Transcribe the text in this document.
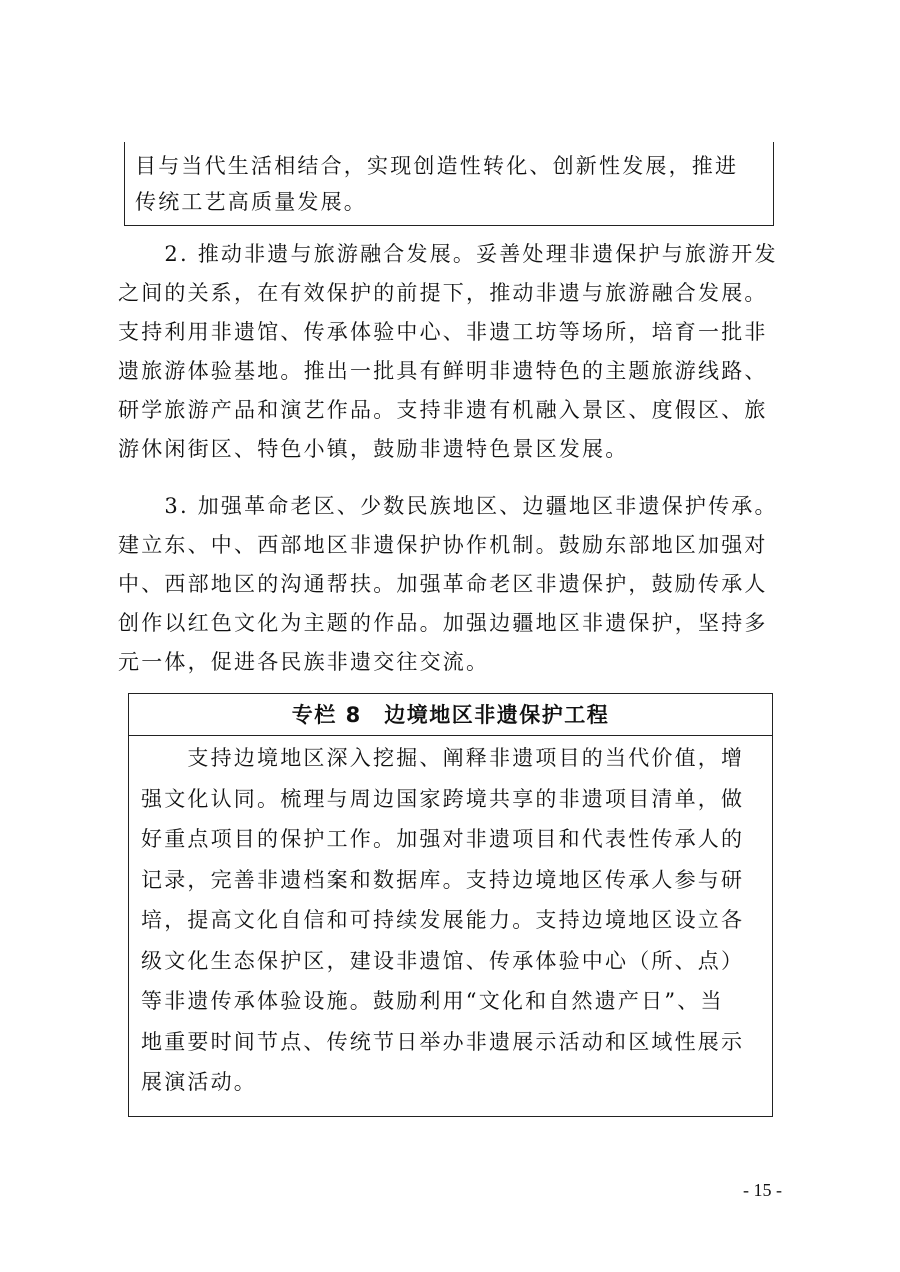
目与当代生活相结合，实现创造性转化、创新性发展，推进
传统工艺高质量发展。
　　2. 推动非遗与旅游融合发展。妥善处理非遗保护与旅游开发
之间的关系，在有效保护的前提下，推动非遗与旅游融合发展。
支持利用非遗馆、传承体验中心、非遗工坊等场所，培育一批非
遗旅游体验基地。推出一批具有鲜明非遗特色的主题旅游线路、
研学旅游产品和演艺作品。支持非遗有机融入景区、度假区、旅
游休闲街区、特色小镇，鼓励非遗特色景区发展。
　　3. 加强革命老区、少数民族地区、边疆地区非遗保护传承。
建立东、中、西部地区非遗保护协作机制。鼓励东部地区加强对
中、西部地区的沟通帮扶。加强革命老区非遗保护，鼓励传承人
创作以红色文化为主题的作品。加强边疆地区非遗保护，坚持多
元一体，促进各民族非遗交往交流。
专栏 8　边境地区非遗保护工程
　　支持边境地区深入挖掘、阐释非遗项目的当代价值，增
强文化认同。梳理与周边国家跨境共享的非遗项目清单，做
好重点项目的保护工作。加强对非遗项目和代表性传承人的
记录，完善非遗档案和数据库。支持边境地区传承人参与研
培，提高文化自信和可持续发展能力。支持边境地区设立各
级文化生态保护区，建设非遗馆、传承体验中心（所、点）
等非遗传承体验设施。鼓励利用“文化和自然遗产日”、当
地重要时间节点、传统节日举办非遗展示活动和区域性展示
展演活动。
- 15 -
